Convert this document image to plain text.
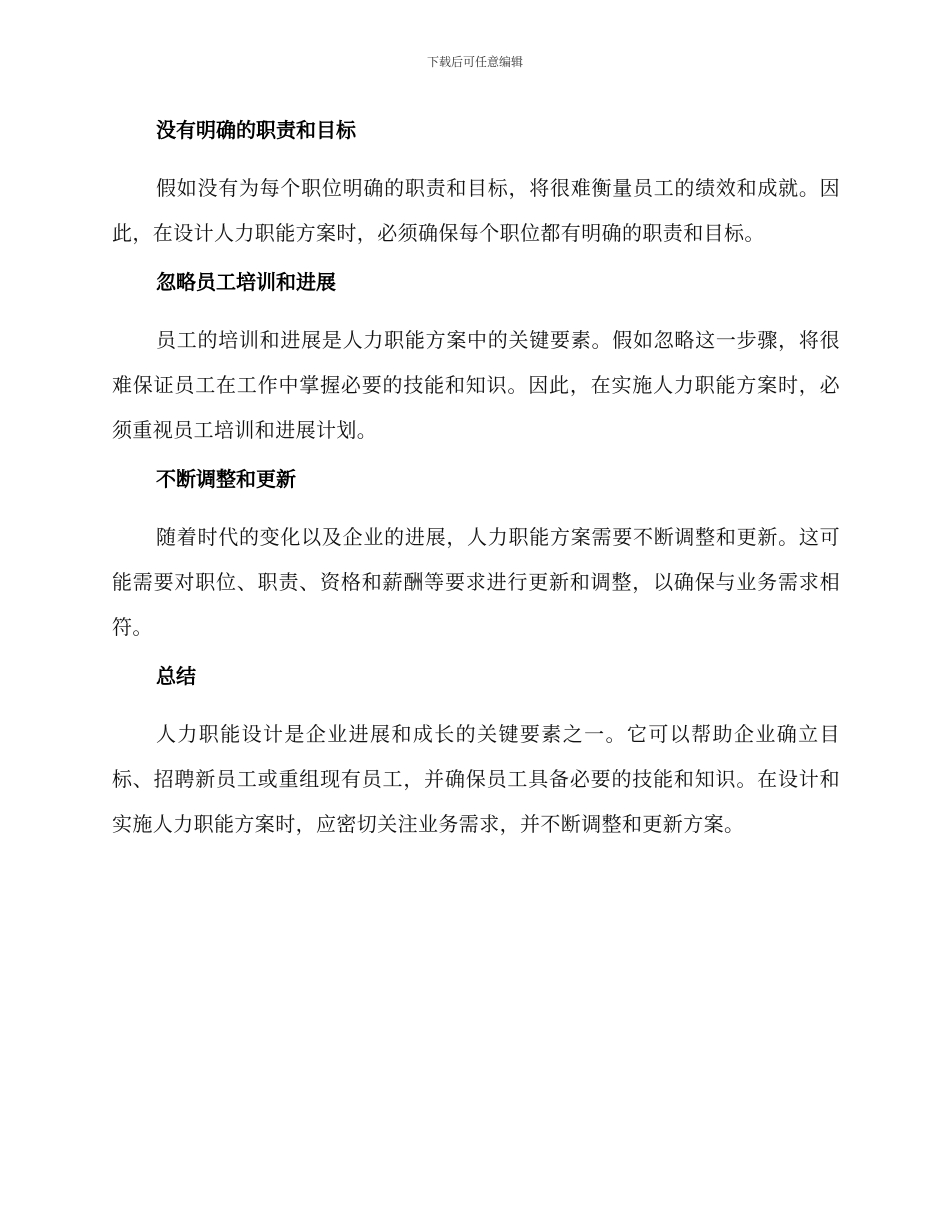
下载后可任意编辑
没有明确的职责和目标

假如没有为每个职位明确的职责和目标，将很难衡量员工的绩效和成就。因此，在设计人力职能方案时，必须确保每个职位都有明确的职责和目标。

忽略员工培训和进展

员工的培训和进展是人力职能方案中的关键要素。假如忽略这一步骤，将很难保证员工在工作中掌握必要的技能和知识。因此，在实施人力职能方案时，必须重视员工培训和进展计划。

不断调整和更新

随着时代的变化以及企业的进展，人力职能方案需要不断调整和更新。这可能需要对职位、职责、资格和薪酬等要求进行更新和调整，以确保与业务需求相符。

总结

人力职能设计是企业进展和成长的关键要素之一。它可以帮助企业确立目标、招聘新员工或重组现有员工，并确保员工具备必要的技能和知识。在设计和实施人力职能方案时，应密切关注业务需求，并不断调整和更新方案。
